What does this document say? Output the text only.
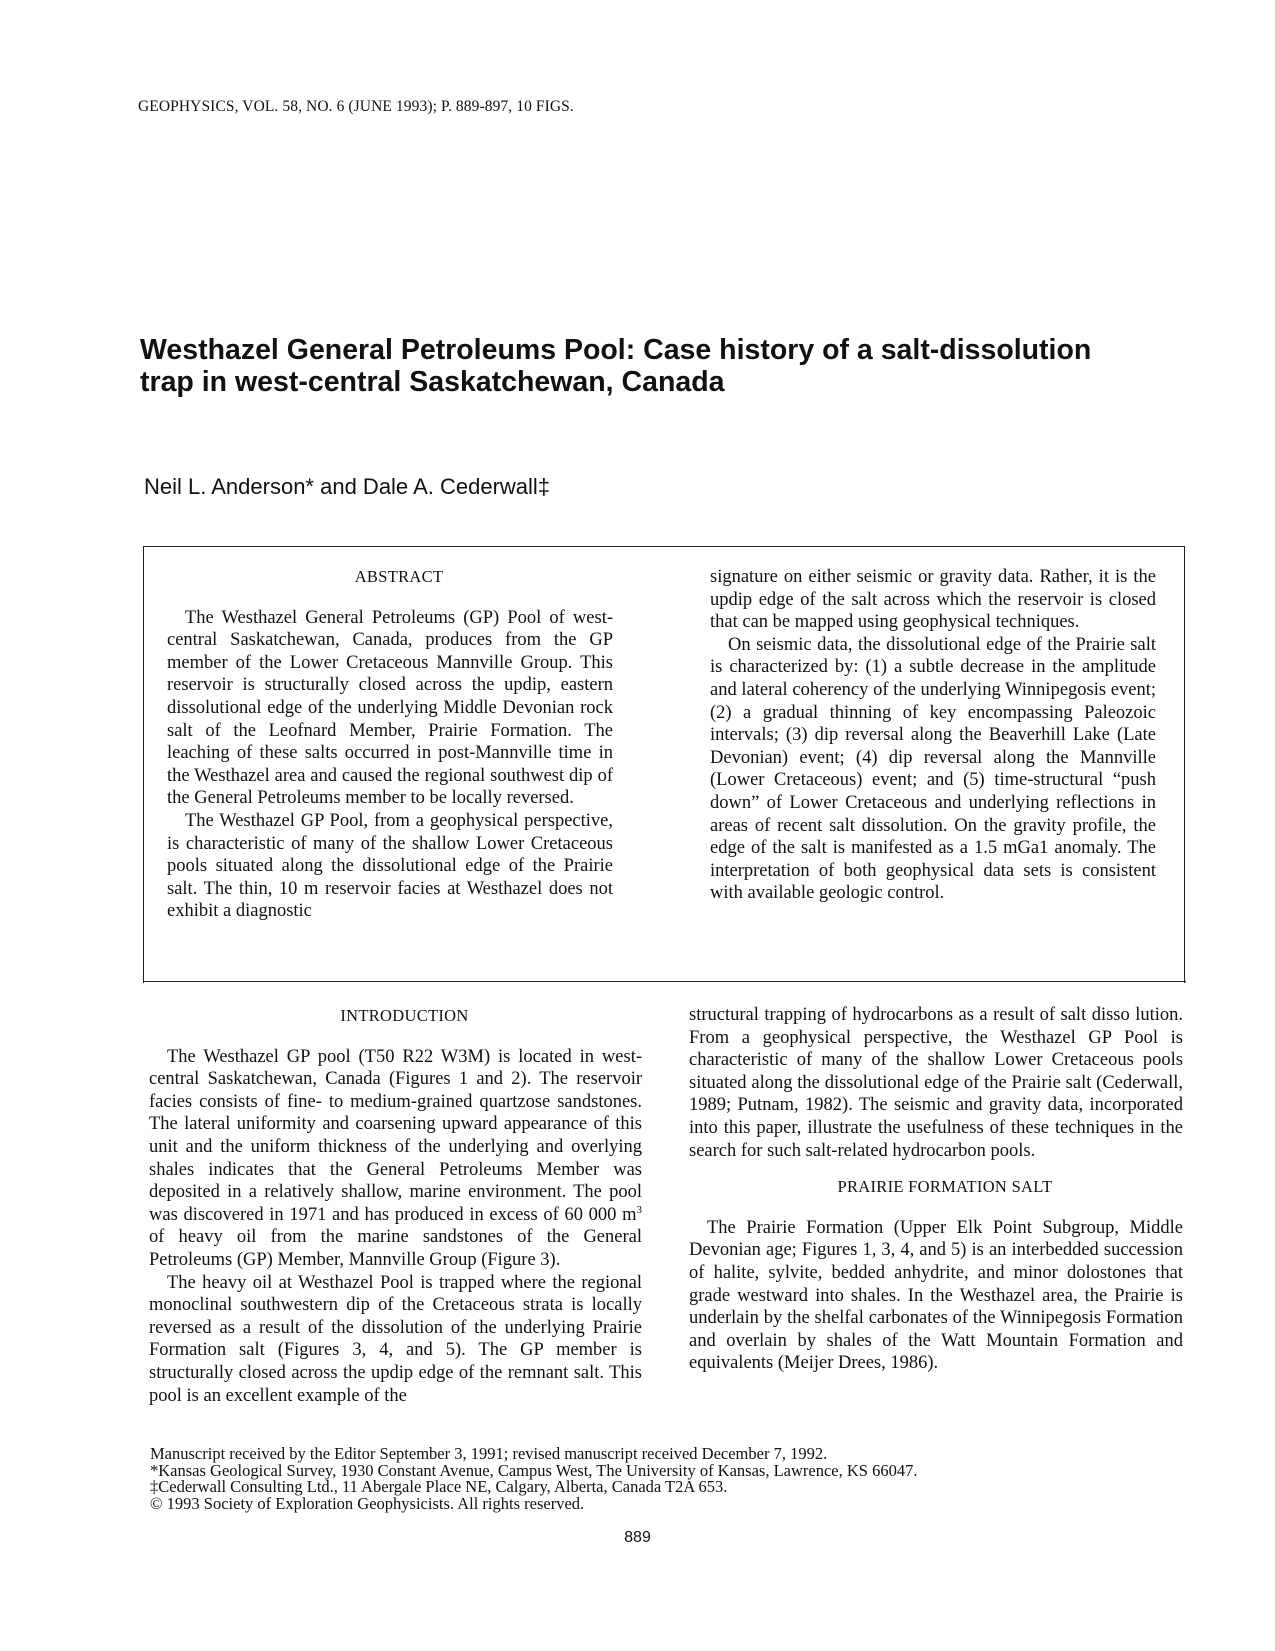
GEOPHYSICS, VOL. 58, NO. 6 (JUNE 1993); P. 889-897, 10 FIGS.
Westhazel General Petroleums Pool: Case history of a salt-dissolution trap in west-central Saskatchewan, Canada
Neil L. Anderson* and Dale A. Cederwall‡

ABSTRACT

The Westhazel General Petroleums (GP) Pool of west-central Saskatchewan, Canada, produces from the GP member of the Lower Cretaceous Mannville Group. This reservoir is structurally closed across the updip, eastern dissolutional edge of the underlying Middle Devonian rock salt of the Leofnard Member, Prairie Formation. The leaching of these salts occurred in post-Mannville time in the Westhazel area and caused the regional southwest dip of the General Petroleums member to be locally reversed.

The Westhazel GP Pool, from a geophysical perspective, is characteristic of many of the shallow Lower Cretaceous pools situated along the dissolutional edge of the Prairie salt. The thin, 10 m reservoir facies at Westhazel does not exhibit a diagnostic

signature on either seismic or gravity data. Rather, it is the updip edge of the salt across which the reservoir is closed that can be mapped using geophysical techniques.

On seismic data, the dissolutional edge of the Prairie salt is characterized by: (1) a subtle decrease in the amplitude and lateral coherency of the underlying Winnipegosis event; (2) a gradual thinning of key encompassing Paleozoic intervals; (3) dip reversal along the Beaverhill Lake (Late Devonian) event; (4) dip reversal along the Mannville (Lower Cretaceous) event; and (5) time-structural “push down” of Lower Cretaceous and underlying reflections in areas of recent salt dissolution. On the gravity profile, the edge of the salt is manifested as a 1.5 mGa1 anomaly. The interpretation of both geophysical data sets is consistent with available geologic control.

INTRODUCTION

The Westhazel GP pool (T50 R22 W3M) is located in west-central Saskatchewan, Canada (Figures 1 and 2). The reservoir facies consists of fine- to medium-grained quartzose sandstones. The lateral uniformity and coarsening upward appearance of this unit and the uniform thickness of the underlying and overlying shales indicates that the General Petroleums Member was deposited in a relatively shallow, marine environment. The pool was discovered in 1971 and has produced in excess of 60 000 $m^3$ of heavy oil from the marine sandstones of the General Petroleums (GP) Member, Mannville Group (Figure 3).

The heavy oil at Westhazel Pool is trapped where the regional monoclinal southwestern dip of the Cretaceous strata is locally reversed as a result of the dissolution of the underlying Prairie Formation salt (Figures 3, 4, and 5). The GP member is structurally closed across the updip edge of the remnant salt. This pool is an excellent example of the

structural trapping of hydrocarbons as a result of salt disso lution. From a geophysical perspective, the Westhazel GP Pool is characteristic of many of the shallow Lower Cretaceous pools situated along the dissolutional edge of the Prairie salt (Cederwall, 1989; Putnam, 1982). The seismic and gravity data, incorporated into this paper, illustrate the usefulness of these techniques in the search for such salt-related hydrocarbon pools.

PRAIRIE FORMATION SALT

The Prairie Formation (Upper Elk Point Subgroup, Middle Devonian age; Figures 1, 3, 4, and 5) is an interbedded succession of halite, sylvite, bedded anhydrite, and minor dolostones that grade westward into shales. In the Westhazel area, the Prairie is underlain by the shelfal carbonates of the Winnipegosis Formation and overlain by shales of the Watt Mountain Formation and equivalents (Meijer Drees, 1986).

Manuscript received by the Editor September 3, 1991; revised manuscript received December 7, 1992.
*Kansas Geological Survey, 1930 Constant Avenue, Campus West, The University of Kansas, Lawrence, KS 66047.
‡Cederwall Consulting Ltd., 11 Abergale Place NE, Calgary, Alberta, Canada T2A 653.
© 1993 Society of Exploration Geophysicists. All rights reserved.
889
